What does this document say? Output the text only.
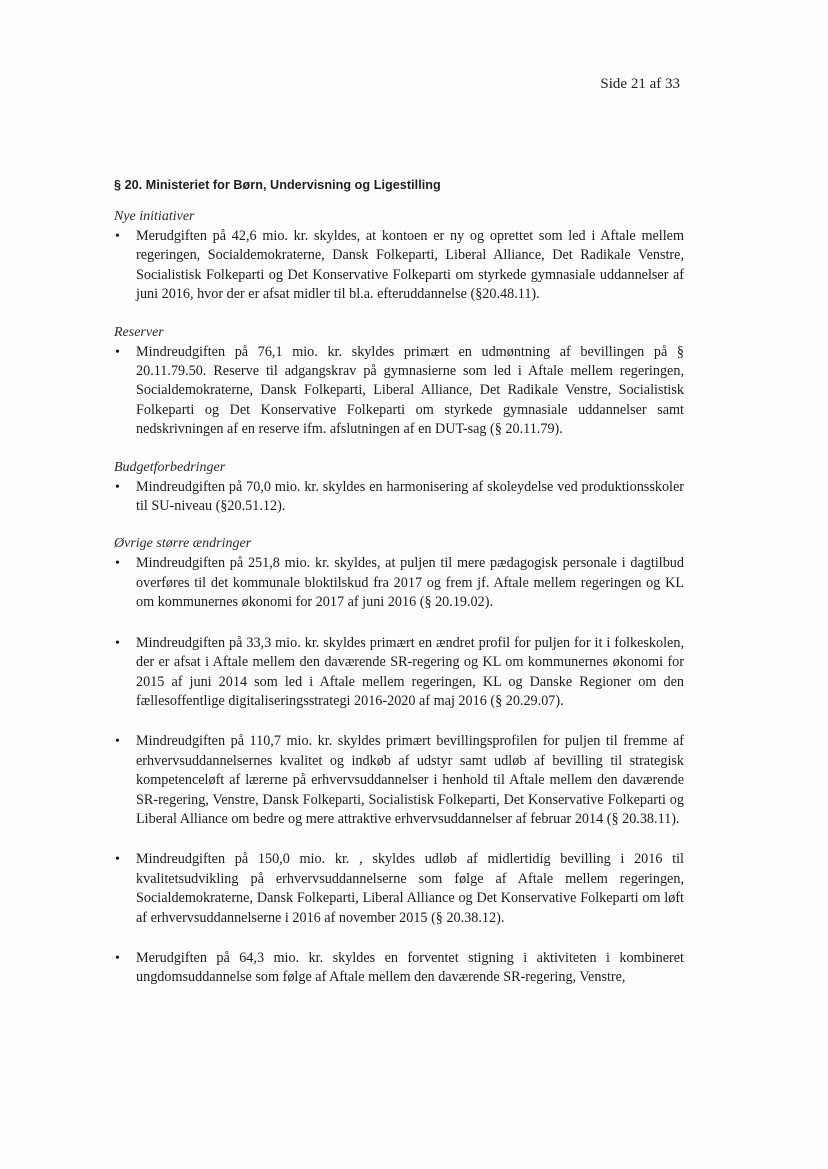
Side 21 af 33
§ 20. Ministeriet for Børn, Undervisning og Ligestilling

Nye initiativer

• Merudgiften på 42,6 mio. kr. skyldes, at kontoen er ny og oprettet som led i Aftale mellem regeringen, Socialdemokraterne, Dansk Folkeparti, Liberal Alliance, Det Radikale Venstre, Socialistisk Folkeparti og Det Konservative Folkeparti om styrkede gymnasiale uddannelser af juni 2016, hvor der er afsat midler til bl.a. efteruddannelse (§20.48.11).

Reserver

• Mindreudgiften på 76,1 mio. kr. skyldes primært en udmøntning af bevillingen på § 20.11.79.50. Reserve til adgangskrav på gymnasierne som led i Aftale mellem regeringen, Socialdemokraterne, Dansk Folkeparti, Liberal Alliance, Det Radikale Venstre, Socialistisk Folkeparti og Det Konservative Folkeparti om styrkede gymnasiale uddannelser samt nedskrivningen af en reserve ifm. afslutningen af en DUT-sag (§ 20.11.79).

Budgetforbedringer

• Mindreudgiften på 70,0 mio. kr. skyldes en harmonisering af skoleydelse ved produktionsskoler til SU-niveau (§20.51.12).

Øvrige større ændringer

• Mindreudgiften på 251,8 mio. kr. skyldes, at puljen til mere pædagogisk personale i dagtilbud overføres til det kommunale bloktilskud fra 2017 og frem jf. Aftale mellem regeringen og KL om kommunernes økonomi for 2017 af juni 2016 (§ 20.19.02).
• Mindreudgiften på 33,3 mio. kr. skyldes primært en ændret profil for puljen for it i folkeskolen, der er afsat i Aftale mellem den daværende SR-regering og KL om kommunernes økonomi for 2015 af juni 2014 som led i Aftale mellem regeringen, KL og Danske Regioner om den fællesoffentlige digitaliseringsstrategi 2016-2020 af maj 2016 (§ 20.29.07).
• Mindreudgiften på 110,7 mio. kr. skyldes primært bevillingsprofilen for puljen til fremme af erhvervsuddannelsernes kvalitet og indkøb af udstyr samt udløb af bevilling til strategisk kompetenceløft af lærerne på erhvervsuddannelser i henhold til Aftale mellem den daværende SR-regering, Venstre, Dansk Folkeparti, Socialistisk Folkeparti, Det Konservative Folkeparti og Liberal Alliance om bedre og mere attraktive erhvervsuddannelser af februar 2014 (§ 20.38.11).
• Mindreudgiften på 150,0 mio. kr. , skyldes udløb af midlertidig bevilling i 2016 til kvalitetsudvikling på erhvervsuddannelserne som følge af Aftale mellem regeringen, Socialdemokraterne, Dansk Folkeparti, Liberal Alliance og Det Konservative Folkeparti om løft af erhvervsuddannelserne i 2016 af november 2015 (§ 20.38.12).
• Merudgiften på 64,3 mio. kr. skyldes en forventet stigning i aktiviteten i kombineret ungdomsuddannelse som følge af Aftale mellem den daværende SR-regering, Venstre,
